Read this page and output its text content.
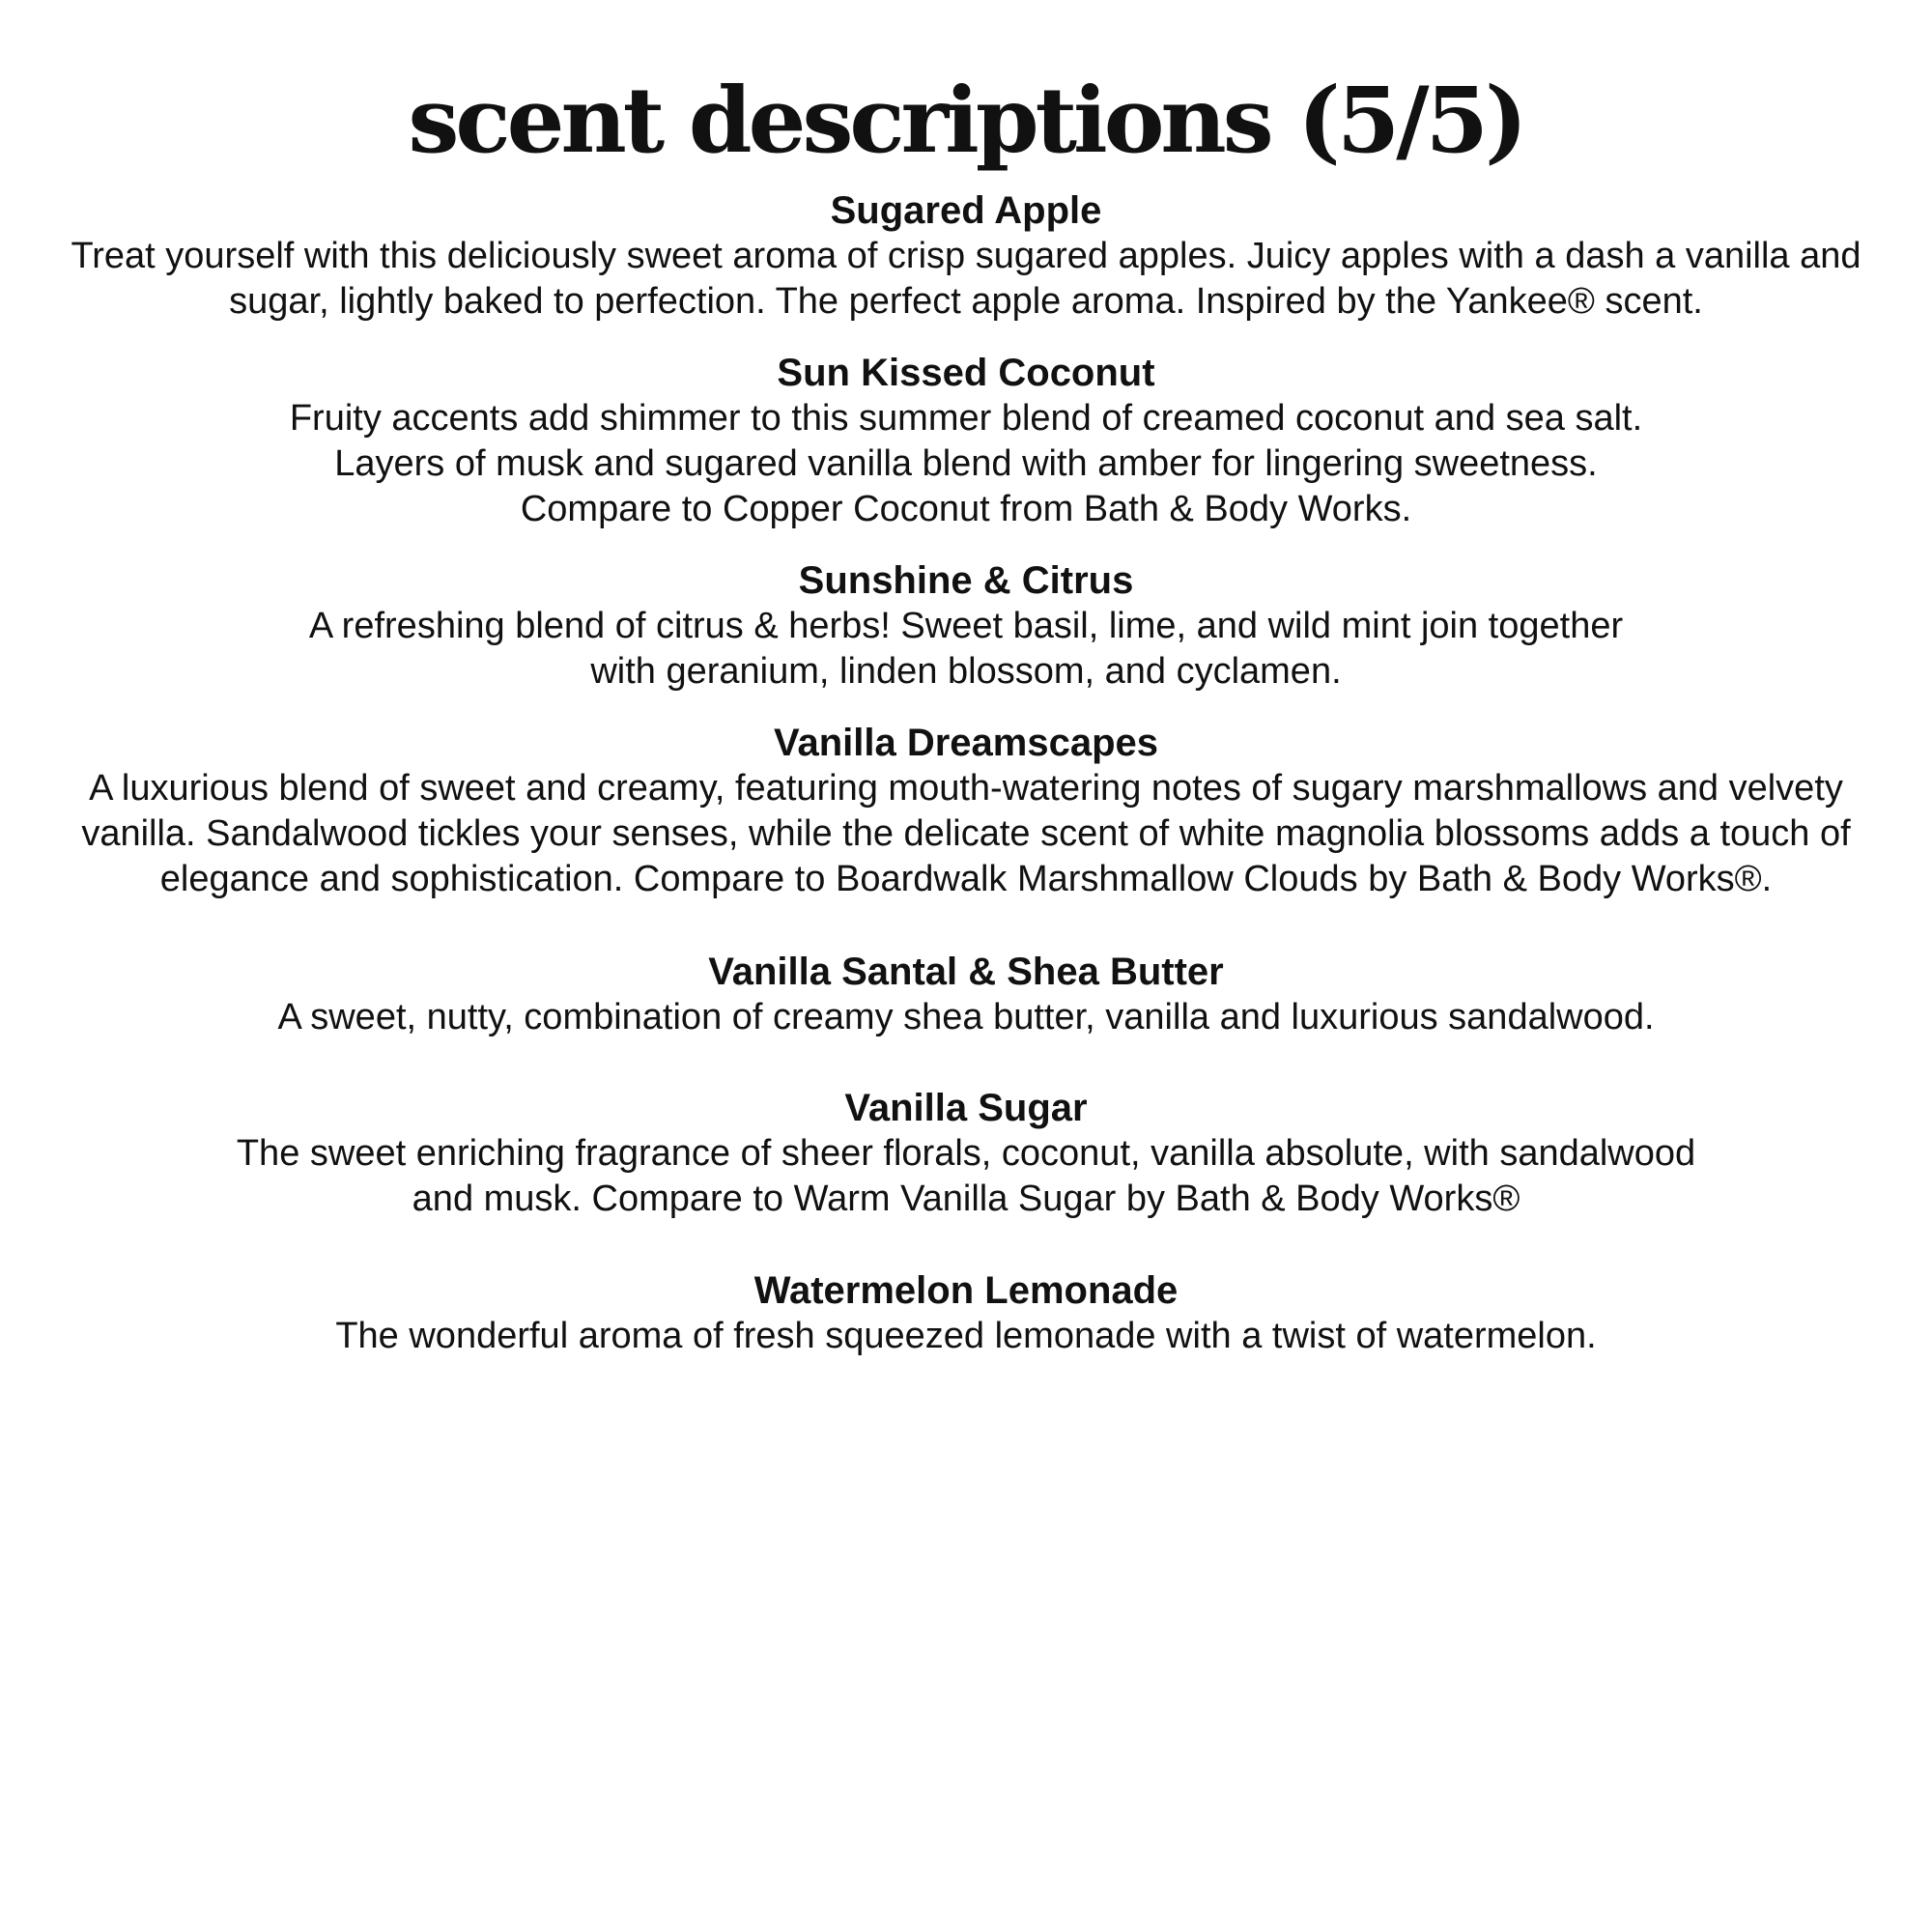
scent descriptions (5/5)

Sugared Apple

Treat yourself with this deliciously sweet aroma of crisp sugared apples. Juicy apples with a dash a vanilla and

sugar, lightly baked to perfection. The perfect apple aroma. Inspired by the Yankee® scent.

Sun Kissed Coconut

Fruity accents add shimmer to this summer blend of creamed coconut and sea salt.

Layers of musk and sugared vanilla blend with amber for lingering sweetness.

Compare to Copper Coconut from Bath & Body Works.

Sunshine & Citrus

A refreshing blend of citrus & herbs! Sweet basil, lime, and wild mint join together

with geranium, linden blossom, and cyclamen.

Vanilla Dreamscapes

A luxurious blend of sweet and creamy, featuring mouth-watering notes of sugary marshmallows and velvety

vanilla. Sandalwood tickles your senses, while the delicate scent of white magnolia blossoms adds a touch of

elegance and sophistication. Compare to Boardwalk Marshmallow Clouds by Bath & Body Works®.

Vanilla Santal & Shea Butter

A sweet, nutty, combination of creamy shea butter, vanilla and luxurious sandalwood.

Vanilla Sugar

The sweet enriching fragrance of sheer florals, coconut, vanilla absolute, with sandalwood

and musk. Compare to Warm Vanilla Sugar by Bath & Body Works®

Watermelon Lemonade

The wonderful aroma of fresh squeezed lemonade with a twist of watermelon.
